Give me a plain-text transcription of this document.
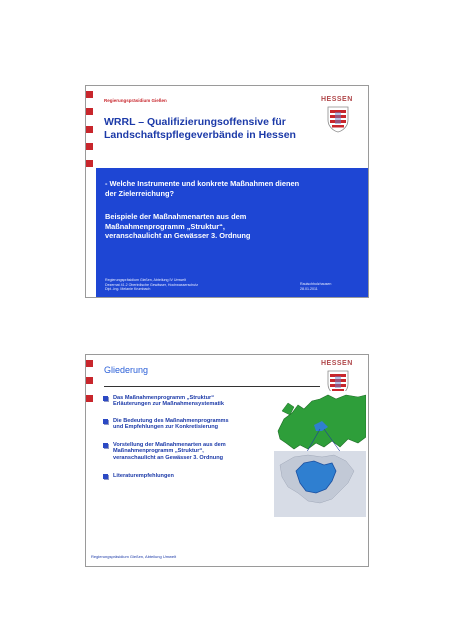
Regierungspräsidium Gießen	HESSEN
WRRL – Qualifizierungsoffensive für
Landschaftspflegeverbände in Hessen
- Welche Instrumente und konkrete Maßnahmen dienen
der Zielerreichung?
Beispiele der Maßnahmenarten aus dem
Maßnahmenprogramm „Struktur“,
veranschaulicht an Gewässer 3. Ordnung
Regierungspräsidium Gießen, Abteilung IV Umwelt
Dezernat 41.2 Oberirdische Gewässer, Hochwasserschutz
Dipl.-Ing. Melanie Krumbach
Rauischholzhausen
28.01.2011
Gliederung
HESSEN
Das Maßnahmenprogramm „Struktur“
Erläuterungen zur Maßnahmensystematik
Die Bedeutung des Maßnahmenprogramms
und Empfehlungen zur Konkretisierung
Vorstellung der Maßnahmenarten aus dem
Maßnahmenprogramm „Struktur“,
veranschaulicht an Gewässer 3. Ordnung
Literaturempfehlungen
Regierungspräsidium Gießen, Abteilung Umwelt
